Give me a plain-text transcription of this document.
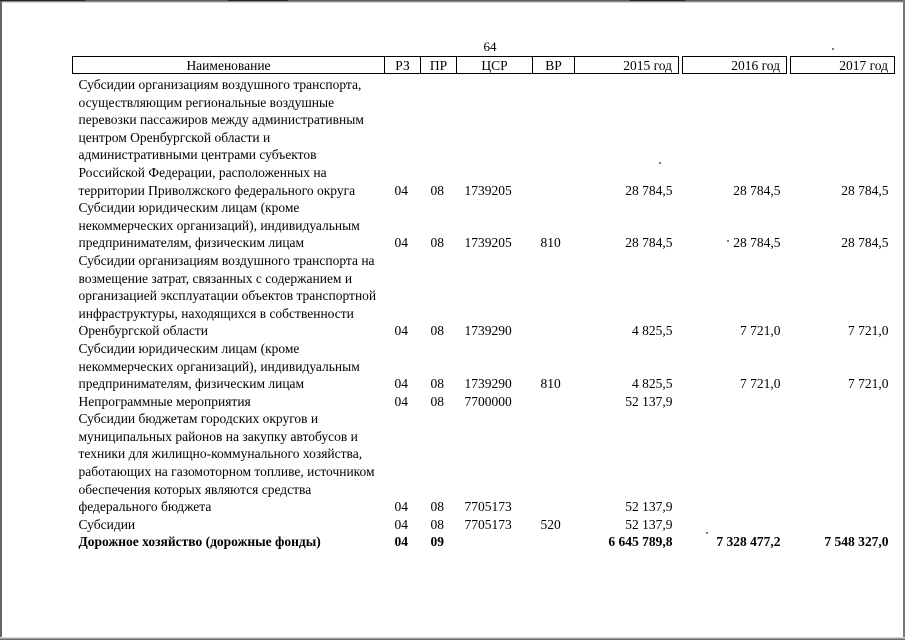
64
Наименование	РЗ	ПР	ЦСР	ВР	2015 год		2016 год		2017 год
Субсидии организациям воздушного транспорта, осуществляющим региональные воздушные перевозки пассажиров между административным центром Оренбургской области и административными центрами субъектов Российской Федерации, расположенных на территории Приволжского федерального округа	04	08	1739205		28 784,5		28 784,5		28 784,5
Субсидии юридическим лицам (кроме некоммерческих организаций), индивидуальным предпринимателям, физическим лицам	04	08	1739205	810	28 784,5		28 784,5		28 784,5
Субсидии организациям воздушного транспорта на возмещение затрат, связанных с содержанием и организацией эксплуатации объектов транспортной инфраструктуры, находящихся в собственности Оренбургской области	04	08	1739290		4 825,5		7 721,0		7 721,0
Субсидии юридическим лицам (кроме некоммерческих организаций), индивидуальным предпринимателям, физическим лицам	04	08	1739290	810	4 825,5		7 721,0		7 721,0
Непрограммные мероприятия	04	08	7700000		52 137,9				
Субсидии бюджетам городских округов и муниципальных районов на закупку автобусов и техники для жилищно-коммунального хозяйства, работающих на газомоторном топливе, источником обеспечения которых являются средства федерального бюджета	04	08	7705173		52 137,9				
Субсидии	04	08	7705173	520	52 137,9				
Дорожное хозяйство (дорожные фонды)	04	09			6 645 789,8		7 328 477,2		7 548 327,0
